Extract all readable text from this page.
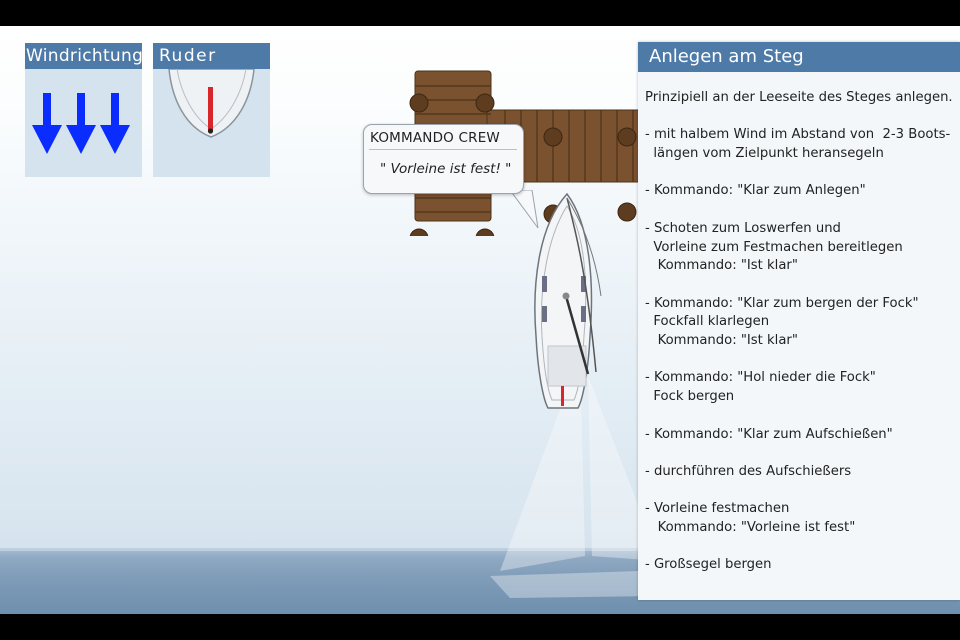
Windrichtung Ruder
KOMMANDO CREW
" Vorleine ist fest! "
Anlegen am Steg

Prinzipiell an der Leeseite des Steges anlegen.

- mit halbem Wind im Abstand von  2-3 Boots-

längen vom Zielpunkt heransegeln

- Kommando: "Klar zum Anlegen"

- Schoten zum Loswerfen und

Vorleine zum Festmachen bereitlegen

Kommando: "Ist klar"

- Kommando: "Klar zum bergen der Fock"

Fockfall klarlegen

Kommando: "Ist klar"

- Kommando: "Hol nieder die Fock"

Fock bergen

- Kommando: "Klar zum Aufschießen"

- durchführen des Aufschießers

- Vorleine festmachen

Kommando: "Vorleine ist fest"

- Großsegel bergen
